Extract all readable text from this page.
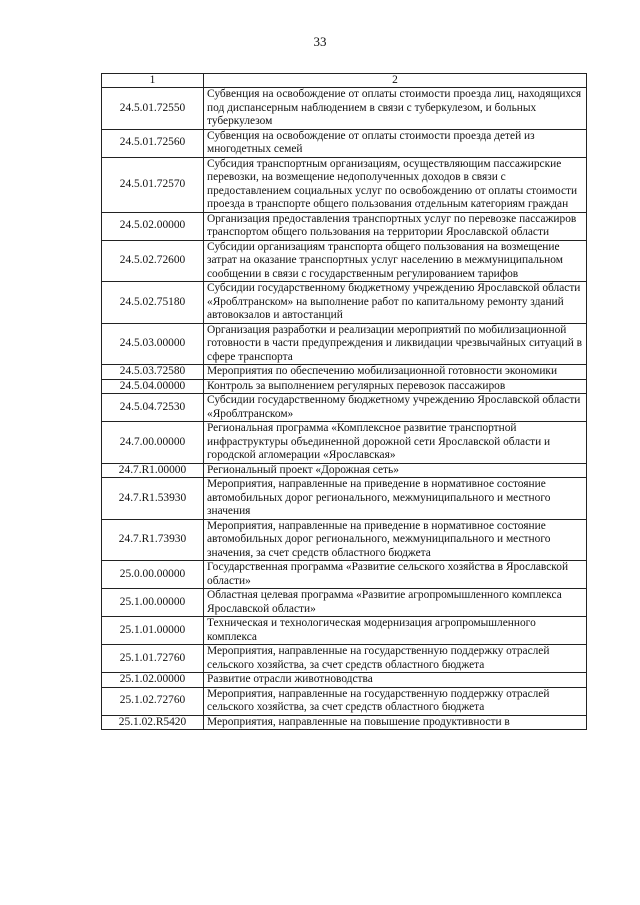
33
1	2
24.5.01.72550	Субвенция на освобождение от оплаты стоимости проезда лиц, находящихся под диспансерным наблюдением в связи с туберкулезом, и больных туберкулезом
24.5.01.72560	Субвенция на освобождение от оплаты стоимости проезда детей из многодетных семей
24.5.01.72570	Субсидия транспортным организациям, осуществляющим пассажирские перевозки, на возмещение недополученных доходов в связи с предоставлением социальных услуг по освобождению от оплаты стоимости проезда в транспорте общего пользования отдельным категориям граждан
24.5.02.00000	Организация предоставления транспортных услуг по перевозке пассажиров транспортом общего пользования на территории Ярославской области
24.5.02.72600	Субсидии организациям транспорта общего пользования на возмещение затрат на оказание транспортных услуг населению в межмуниципальном сообщении в связи с государственным регулированием тарифов
24.5.02.75180	Субсидии государственному бюджетному учреждению Ярославской области «Яроблтранском» на выполнение работ по капитальному ремонту зданий автовокзалов и автостанций
24.5.03.00000	Организация разработки и реализации мероприятий по мобилизационной готовности в части предупреждения и ликвидации чрезвычайных ситуаций в сфере транспорта
24.5.03.72580	Мероприятия по обеспечению мобилизационной готовности экономики
24.5.04.00000	Контроль за выполнением регулярных перевозок пассажиров
24.5.04.72530	Субсидии государственному бюджетному учреждению Ярославской области «Яроблтранском»
24.7.00.00000	Региональная программа «Комплексное развитие транспортной инфраструктуры объединенной дорожной сети Ярославской области и городской агломерации «Ярославская»
24.7.R1.00000	Региональный проект «Дорожная сеть»
24.7.R1.53930	Мероприятия, направленные на приведение в нормативное состояние автомобильных дорог регионального, межмуниципального и местного значения
24.7.R1.73930	Мероприятия, направленные на приведение в нормативное состояние автомобильных дорог регионального, межмуниципального и местного значения, за счет средств областного бюджета
25.0.00.00000	Государственная программа «Развитие сельского хозяйства в Ярославской области»
25.1.00.00000	Областная целевая программа «Развитие агропромышленного комплекса Ярославской области»
25.1.01.00000	Техническая и технологическая модернизация агропромышленного комплекса
25.1.01.72760	Мероприятия, направленные на государственную поддержку отраслей сельского хозяйства, за счет средств областного бюджета
25.1.02.00000	Развитие отрасли животноводства
25.1.02.72760	Мероприятия, направленные на государственную поддержку отраслей сельского хозяйства, за счет средств областного бюджета
25.1.02.R5420	Мероприятия, направленные на повышение продуктивности в
